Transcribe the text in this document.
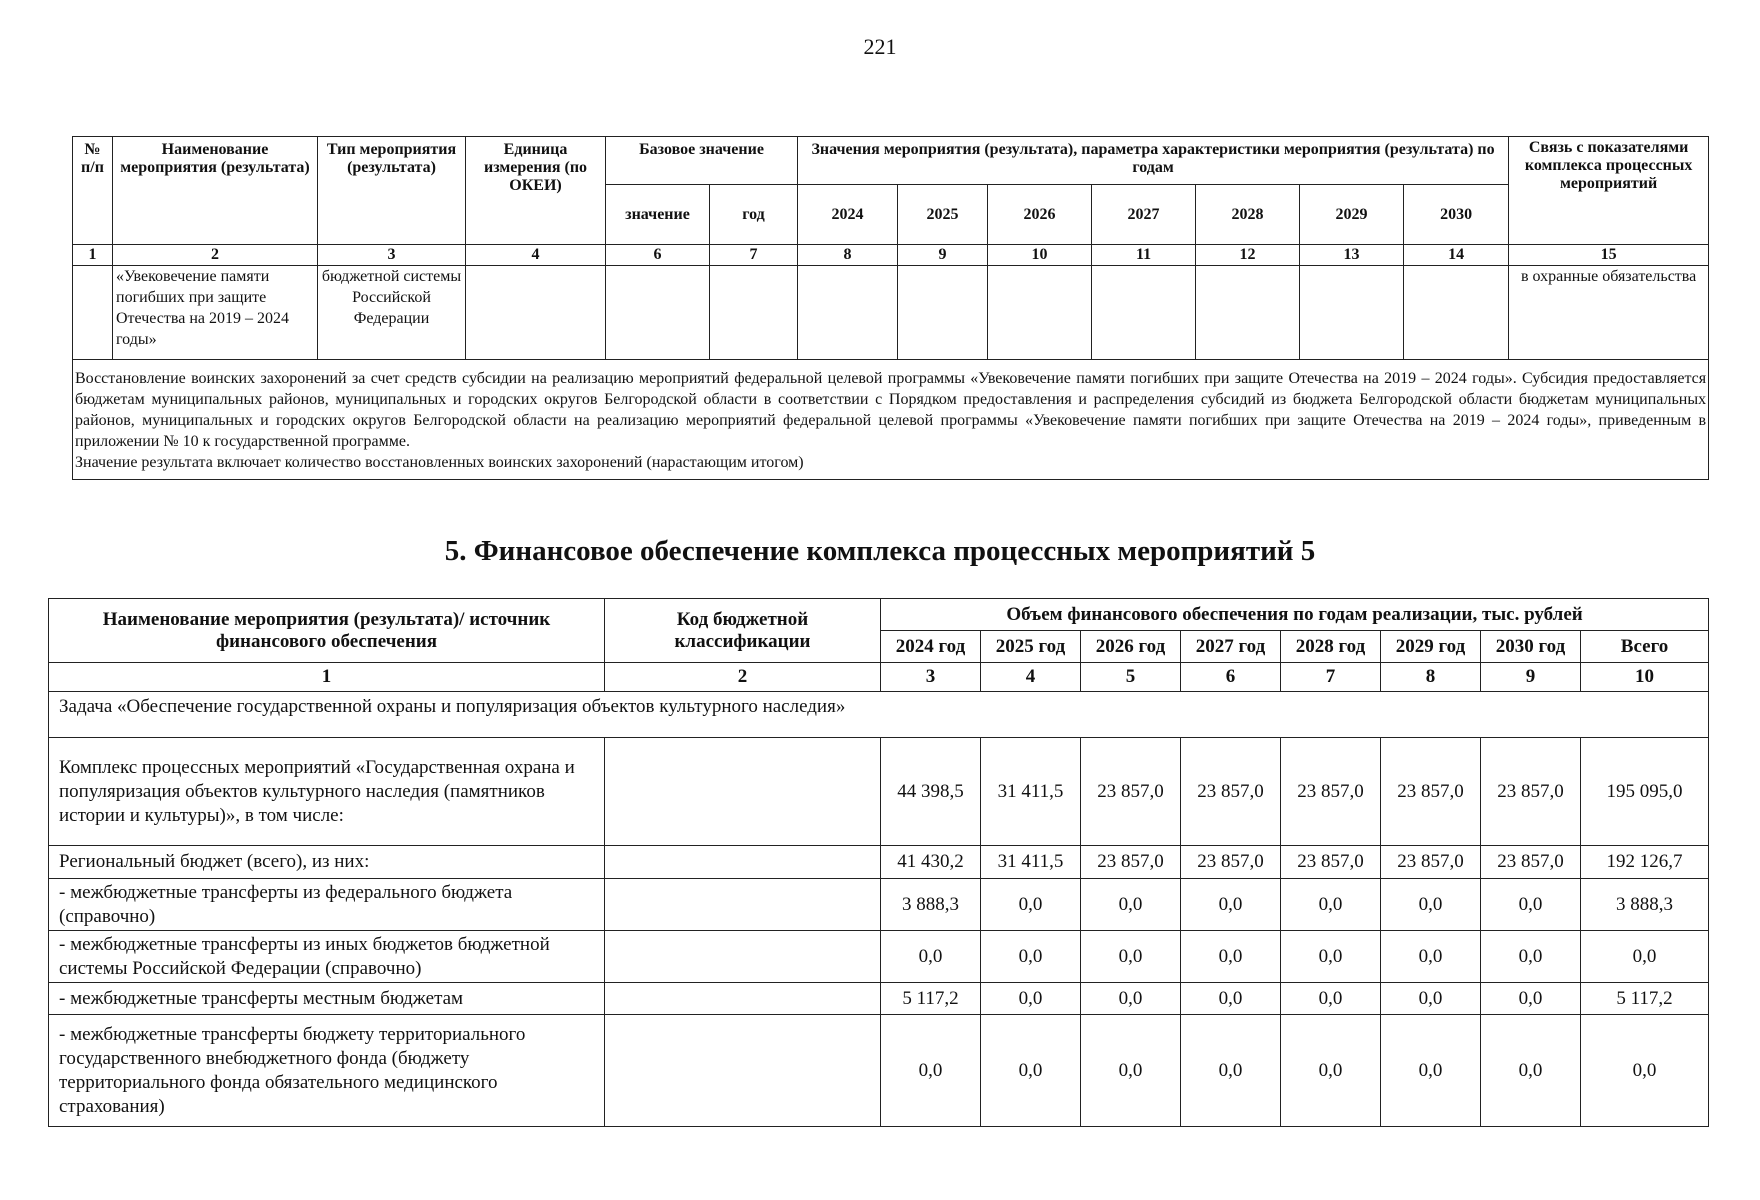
221
№ п/п	Наименование мероприятия (результата)	Тип мероприятия (результата)	Единица измерения (по ОКЕИ)	Базовое значение		Значения мероприятия (результата), параметра характеристики мероприятия (результата) по годам							Связь с показателями комплекса процессных мероприятий
				значение	год	2024	2025	2026	2027	2028	2029	2030	
1	2	3	4	6	7	8	9	10	11	12	13	14	15
	«Увековечение памяти погибших при защите Отечества на 2019 – 2024 годы»	бюджетной системы Российской Федерации											в охранные обязательства

Восстановление воинских захоронений за счет средств субсидии на реализацию мероприятий федеральной целевой программы «Увековечение памяти погибших при защите Отечества на 2019 – 2024 годы». Субсидия предоставляется бюджетам муниципальных районов, муниципальных и городских округов Белгородской области в соответствии с Порядком предоставления и распределения субсидий из бюджета Белгородской области бюджетам муниципальных районов, муниципальных и городских округов Белгородской области на реализацию мероприятий федеральной целевой программы «Увековечение памяти погибших при защите Отечества на 2019 – 2024 годы», приведенным в приложении № 10 к государственной программе.

Значение результата включает количество восстановленных воинских захоронений (нарастающим итогом)													

5. Финансовое обеспечение комплекса процессных мероприятий 5
Наименование мероприятия (результата)/ источник финансового обеспечения	Код бюджетной классификации	Объем финансового обеспечения по годам реализации, тыс. рублей							
		2024 год	2025 год	2026 год	2027 год	2028 год	2029 год	2030 год	Всего
1	2	3	4	5	6	7	8	9	10
Задача «Обеспечение государственной охраны и популяризация объектов культурного наследия»									
Комплекс процессных мероприятий «Государственная охрана и популяризация объектов культурного наследия (памятников истории и культуры)», в том числе:		44 398,5	31 411,5	23 857,0	23 857,0	23 857,0	23 857,0	23 857,0	195 095,0
Региональный бюджет (всего), из них:		41 430,2	31 411,5	23 857,0	23 857,0	23 857,0	23 857,0	23 857,0	192 126,7
- межбюджетные трансферты из федерального бюджета (справочно)		3 888,3	0,0	0,0	0,0	0,0	0,0	0,0	3 888,3
- межбюджетные трансферты из иных бюджетов бюджетной системы Российской Федерации (справочно)		0,0	0,0	0,0	0,0	0,0	0,0	0,0	0,0
- межбюджетные трансферты местным бюджетам		5 117,2	0,0	0,0	0,0	0,0	0,0	0,0	5 117,2
- межбюджетные трансферты бюджету территориального государственного внебюджетного фонда (бюджету территориального фонда обязательного медицинского страхования)		0,0	0,0	0,0	0,0	0,0	0,0	0,0	0,0
